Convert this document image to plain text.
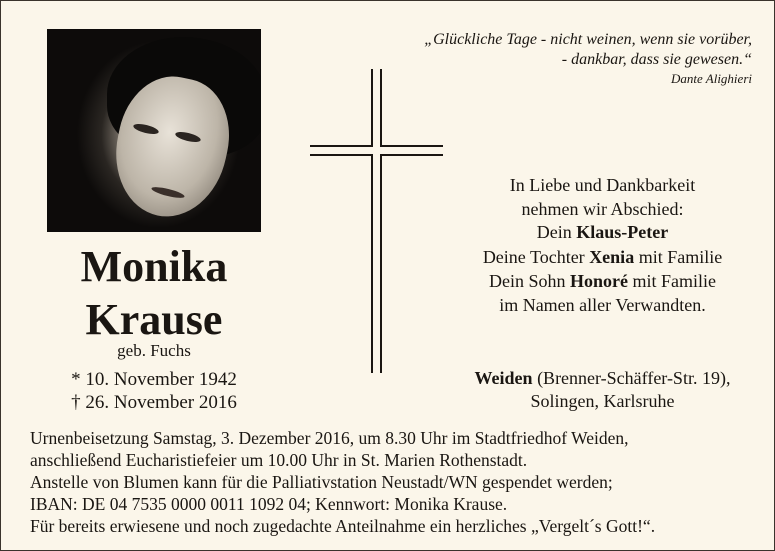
„Glückliche Tage - nicht weinen, wenn sie vorüber,
- dankbar, dass sie gewesen.“
Dante Alighieri
Monika
Krause
geb. Fuchs
* 10. November 1942
† 26. November 2016
In Liebe und Dankbarkeit
nehmen wir Abschied:
Dein Klaus-Peter
Deine Tochter Xenia mit Familie
Dein Sohn Honoré mit Familie
im Namen aller Verwandten.
Weiden (Brenner-Schäffer-Str. 19),
Solingen, Karlsruhe
Urnenbeisetzung Samstag, 3. Dezember 2016, um 8.30 Uhr im Stadtfriedhof Weiden,
anschließend Eucharistiefeier um 10.00 Uhr in St. Marien Rothenstadt.
Anstelle von Blumen kann für die Palliativstation Neustadt/WN gespendet werden;
IBAN: DE 04 7535 0000 0011 1092 04; Kennwort: Monika Krause.
Für bereits erwiesene und noch zugedachte Anteilnahme ein herzliches „Vergelt´s Gott!“.
